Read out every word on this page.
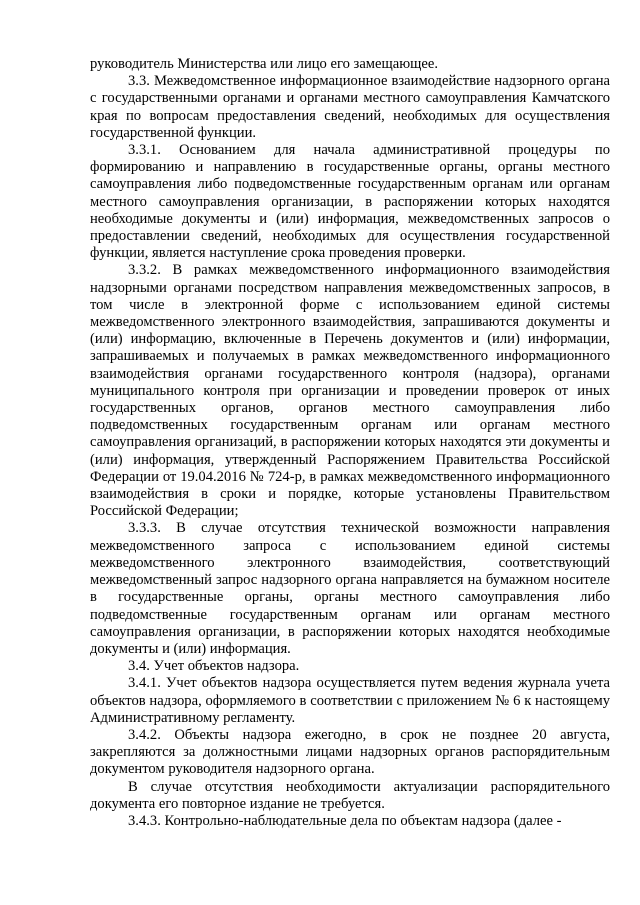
руководитель Министерства или лицо его замещающее.

3.3. Межведомственное информационное взаимодействие надзорного органа с государственными органами и органами местного самоуправления Камчатского края по вопросам предоставления сведений, необходимых для осуществления государственной функции.

3.3.1. Основанием для начала административной процедуры по формированию и направлению в государственные органы, органы местного самоуправления либо подведомственные государственным органам или органам местного самоуправления организации, в распоряжении которых находятся необходимые документы и (или) информация, межведомственных запросов о предоставлении сведений, необходимых для осуществления государственной функции, является наступление срока проведения проверки.

3.3.2. В рамках межведомственного информационного взаимодействия надзорными органами посредством направления межведомственных запросов, в том числе в электронной форме с использованием единой системы межведомственного электронного взаимодействия, запрашиваются документы и (или) информацию, включенные в Перечень документов и (или) информации, запрашиваемых и получаемых в рамках межведомственного информационного взаимодействия органами государственного контроля (надзора), органами муниципального контроля при организации и проведении проверок от иных государственных органов, органов местного самоуправления либо подведомственных государственным органам или органам местного самоуправления организаций, в распоряжении которых находятся эти документы и (или) информация, утвержденный Распоряжением Правительства Российской Федерации от 19.04.2016 № 724-р, в рамках межведомственного информационного взаимодействия в сроки и порядке, которые установлены Правительством Российской Федерации;

3.3.3. В случае отсутствия технической возможности направления межведомственного запроса с использованием единой системы межведомственного электронного взаимодействия, соответствующий межведомственный запрос надзорного органа направляется на бумажном носителе в государственные органы, органы местного самоуправления либо подведомственные государственным органам или органам местного самоуправления организации, в распоряжении которых находятся необходимые документы и (или) информация.

3.4. Учет объектов надзора.

3.4.1. Учет объектов надзора осуществляется путем ведения журнала учета объектов надзора, оформляемого в соответствии с приложением № 6 к настоящему Административному регламенту.

3.4.2. Объекты надзора ежегодно, в срок не позднее 20 августа, закрепляются за должностными лицами надзорных органов распорядительным документом руководителя надзорного органа.

В случае отсутствия необходимости актуализации распорядительного документа его повторное издание не требуется.

3.4.3. Контрольно-наблюдательные дела по объектам надзора (далее -
